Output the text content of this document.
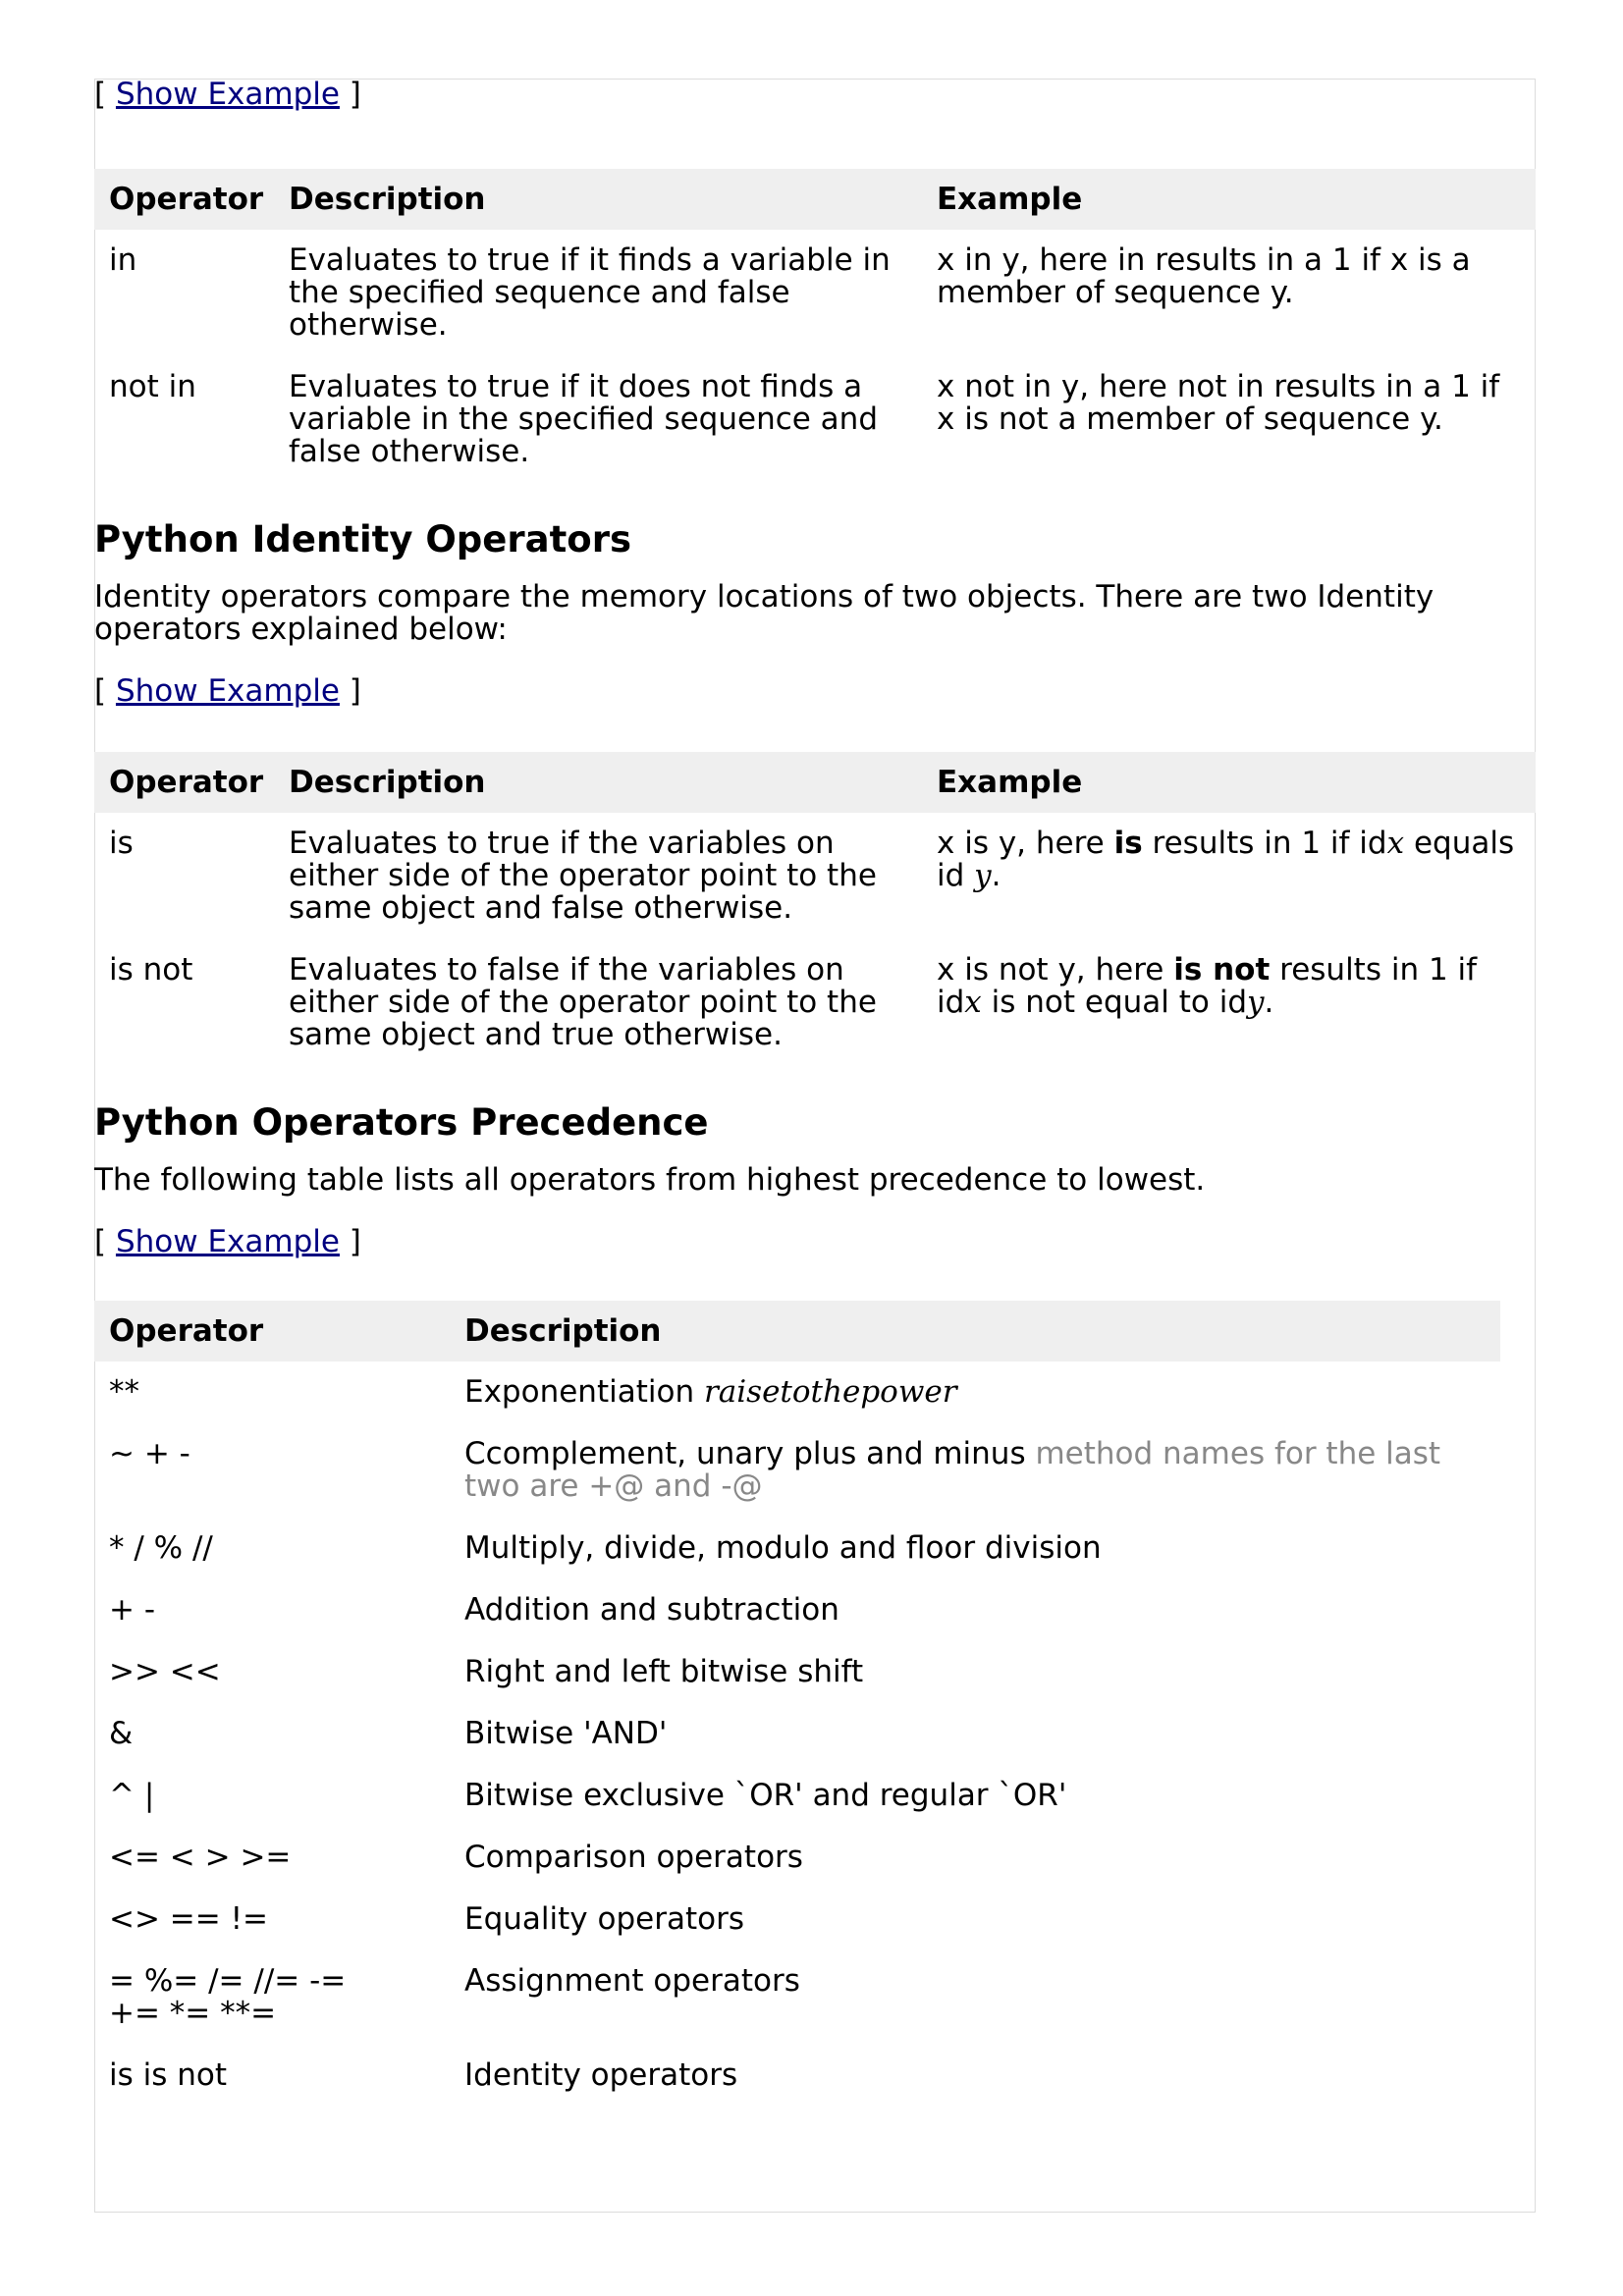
[ Show Example ]

Operator	Description	Example
in	Evaluates to true if it finds a variable in the specified sequence and false otherwise.	x in y, here in results in a 1 if x is a member of sequence y.
not in	Evaluates to true if it does not finds a variable in the specified sequence and false otherwise.	x not in y, here not in results in a 1 if x is not a member of sequence y.
Python Identity Operators

Identity operators compare the memory locations of two objects. There are two Identity operators explained below:

[ Show Example ]

Operator	Description	Example
is	Evaluates to true if the variables on either side of the operator point to the same object and false otherwise.	x is y, here is results in 1 if idx equals id y.
is not	Evaluates to false if the variables on either side of the operator point to the same object and true otherwise.	x is not y, here is not results in 1 if idx is not equal to idy.
Python Operators Precedence

The following table lists all operators from highest precedence to lowest.

[ Show Example ]

Operator	Description
**	Exponentiation raisetothepower
~ + -	Ccomplement, unary plus and minus method names for the last two are +@ and -@
* / % //	Multiply, divide, modulo and floor division
+ -	Addition and subtraction
>> <<	Right and left bitwise shift
&	Bitwise 'AND'
^ |	Bitwise exclusive `OR' and regular `OR'
<= < > >=	Comparison operators
<> == !=	Equality operators
= %= /= //= -= += *= **=	Assignment operators
is is not	Identity operators
